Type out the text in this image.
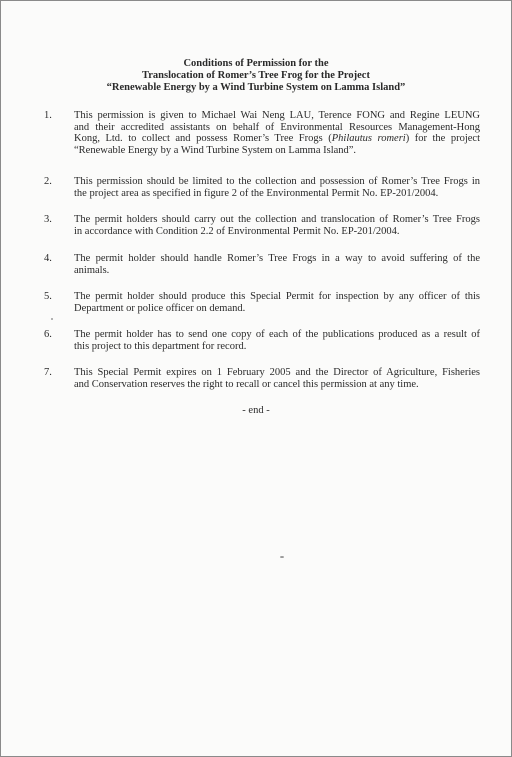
Conditions of Permission for the
Translocation of Romer’s Tree Frog for the Project
“Renewable Energy by a Wind Turbine System on Lamma Island”
1. This permission is given to Michael Wai Neng LAU, Terence FONG and Regine LEUNG
and their accredited assistants on behalf of Environmental Resources Management-Hong
Kong, Ltd. to collect and possess Romer’s Tree Frogs (Philautus romeri) for the project
“Renewable Energy by a Wind Turbine System on Lamma Island”.
2. This permission should be limited to the collection and possession of Romer’s Tree Frogs in
the project area as specified in figure 2 of the Environmental Permit No. EP-201/2004.
3. The permit holders should carry out the collection and translocation of Romer’s Tree Frogs
in accordance with Condition 2.2 of Environmental Permit No. EP-201/2004.
4. The permit holder should handle Romer’s Tree Frogs in a way to avoid suffering of the
animals.
5. The permit holder should produce this Special Permit for inspection by any officer of this
Department or police officer on demand.
6. The permit holder has to send one copy of each of the publications produced as a result of
this project to this department for record.
7. This Special Permit expires on 1 February 2005 and the Director of Agriculture, Fisheries
and Conservation reserves the right to recall or cancel this permission at any time.
- end -
